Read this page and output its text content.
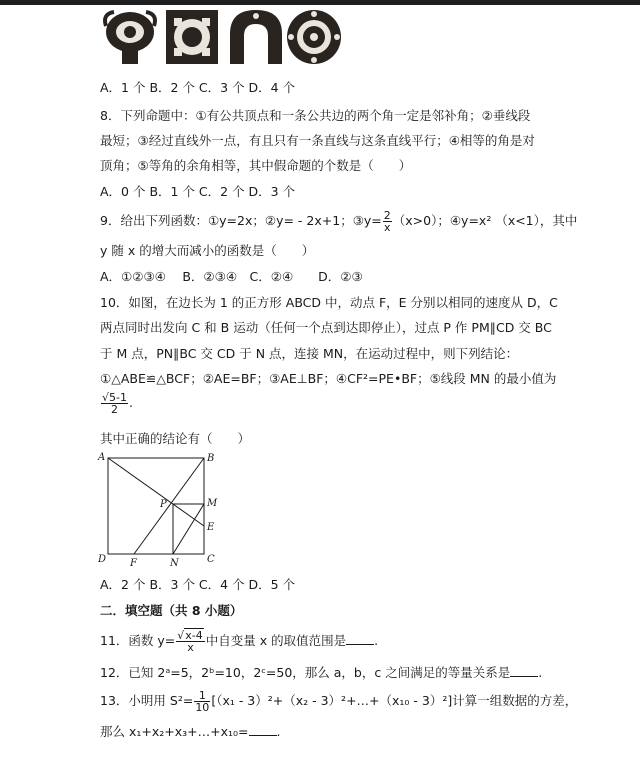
A．1 个 B．2 个 C．3 个 D．4 个
8．下列命题中：①有公共顶点和一条公共边的两个角一定是邻补角；②垂线段
最短；③经过直线外一点，有且只有一条直线与这条直线平行；④相等的角是对
顶角；⑤等角的余角相等，其中假命题的个数是（　　）
A．0 个 B．1 个 C．2 个 D．3 个
9．给出下列函数：①y=2x；②y= - 2x+1；③y= $\frac{2}{x} (x>0)$；④y=x² （x<1），其中
y 随 x 的增大而减小的函数是（　　）
A．①②③④　 B．②③④　C．②④　　D．②③
10．如图，在边长为 1 的正方形 ABCD 中，动点 F，E 分别以相同的速度从 D，C
两点同时出发向 C 和 B 运动（任何一个点到达即停止），过点 P 作 PM∥CD 交 BC
于 M 点，PN∥BC 交 CD 于 N 点，连接 MN，在运动过程中，则下列结论：
①△ABE≌△BCF；②AE=BF；③AE⊥BF；④CF²=PE•BF；⑤线段 MN 的最小值为
$\frac{√5-1}{2}$ .
其中正确的结论有（　　）
A	B
C
D
E
F
M
N
P
A．2 个 B．3 个 C．4 个 D．5 个
二．填空题（共 8 小题）
11．函数 $y= \frac{√x-4}{x}$ 中自变量 x 的取值范围是 .
12．已知 2ᵃ=5，2ᵇ=10，2ᶜ=50，那么 a，b，c 之间满足的等量关系是 .
13．小明用 $S^2= \frac{1}{10} [(x_1 - 3)^2+(x_2$ - 3）²+…+（x₁₀ - 3）²]计算一组数据的方差，
那么 x₁+x₂+x₃+…+x₁₀= .
